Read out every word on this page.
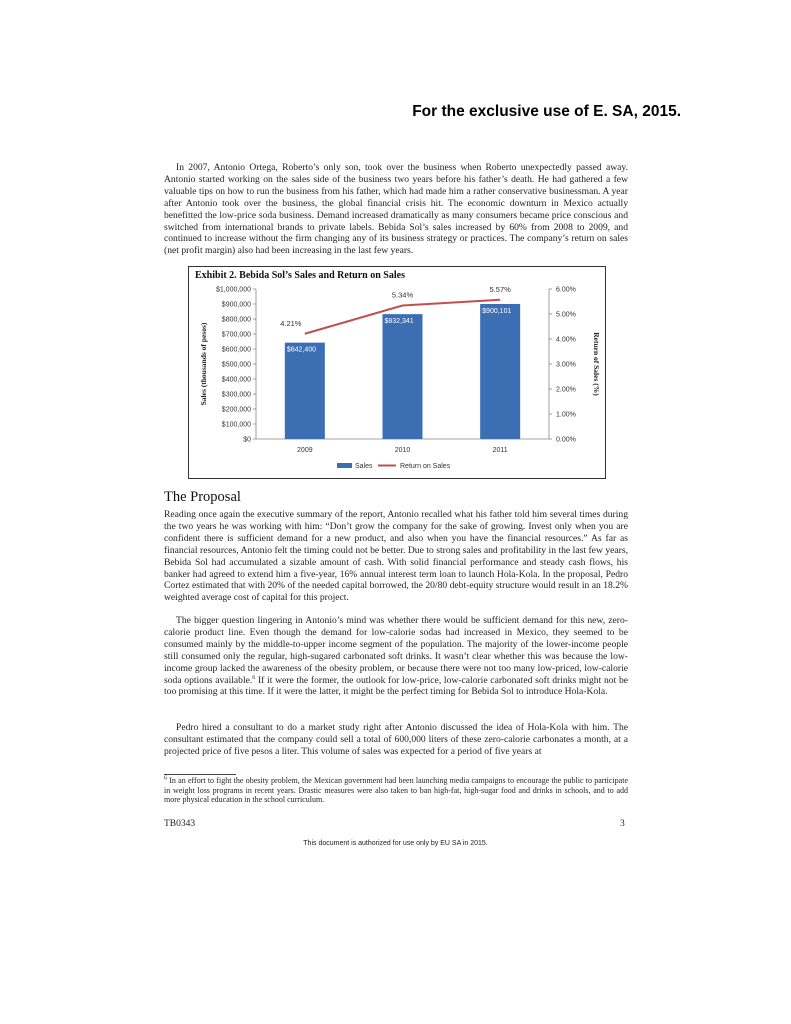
For the exclusive use of E. SA, 2015.

In 2007, Antonio Ortega, Roberto’s only son, took over the business when Roberto unexpectedly passed away. Antonio started working on the sales side of the business two years before his father’s death. He had gathered a few valuable tips on how to run the business from his father, which had made him a rather conservative businessman. A year after Antonio took over the business, the global financial crisis hit. The economic downturn in Mexico actually benefitted the low-price soda business. Demand increased dramatically as many consumers became price conscious and switched from international brands to private labels. Bebida Sol’s sales increased by 60% from 2008 to 2009, and continued to increase without the firm changing any of its business strategy or practices. The company’s return on sales (net profit margin) also had been increasing in the last few years.

Exhibit 2. Bebida Sol’s Sales and Return on Sales

$0
$100,000
$200,000
$300,000
$400,000
$500,000
$600,000
$700,000
$800,000
$900,000
$1,000,000
0.00%
1.00%
2.00%
3.00%
4.00%
5.00%
6.00%
Sales (thousands of pesos)	Return of Sales (%)
$642,400
$832,341
$900,101
4.21%
5.34%
5.57%
2009	2010	2011
Sales	Return on Sales
The Proposal

Reading once again the executive summary of the report, Antonio recalled what his father told him several times during the two years he was working with him: “Don’t grow the company for the sake of growing. Invest only when you are confident there is sufficient demand for a new product, and also when you have the financial resources.” As far as financial resources, Antonio felt the timing could not be better. Due to strong sales and profitability in the last few years, Bebida Sol had accumulated a sizable amount of cash. With solid financial performance and steady cash flows, his banker had agreed to extend him a five-year, 16% annual interest term loan to launch Hola-Kola. In the proposal, Pedro Cortez estimated that with 20% of the needed capital borrowed, the 20/80 debt-equity structure would result in an 18.2% weighted average cost of capital for this project.

The bigger question lingering in Antonio’s mind was whether there would be sufficient demand for this new, zero-calorie product line. Even though the demand for low-calorie sodas had increased in Mexico, they seemed to be consumed mainly by the middle-to-upper income segment of the population. The majority of the lower-income people still consumed only the regular, high-sugared carbonated soft drinks. It wasn’t clear whether this was because the low-income group lacked the awareness of the obesity problem, or because there were not too many low-priced, low-calorie soda options available.$^6$ If it were the former, the outlook for low-price, low-calorie carbonated soft drinks might not be too promising at this time. If it were the latter, it might be the perfect timing for Bebida Sol to introduce Hola-Kola.

Pedro hired a consultant to do a market study right after Antonio discussed the idea of Hola-Kola with him. The consultant estimated that the company could sell a total of 600,000 liters of these zero-calorie carbonates a month, at a projected price of five pesos a liter. This volume of sales was expected for a period of five years at

$^6$ In an effort to fight the obesity problem, the Mexican government had been launching media campaigns to encourage the public to participate in weight loss programs in recent years. Drastic measures were also taken to ban high-fat, high-sugar food and drinks in schools, and to add more physical education in the school curriculum.

TB0343	3
This document is authorized for use only by EU SA in 2015.
